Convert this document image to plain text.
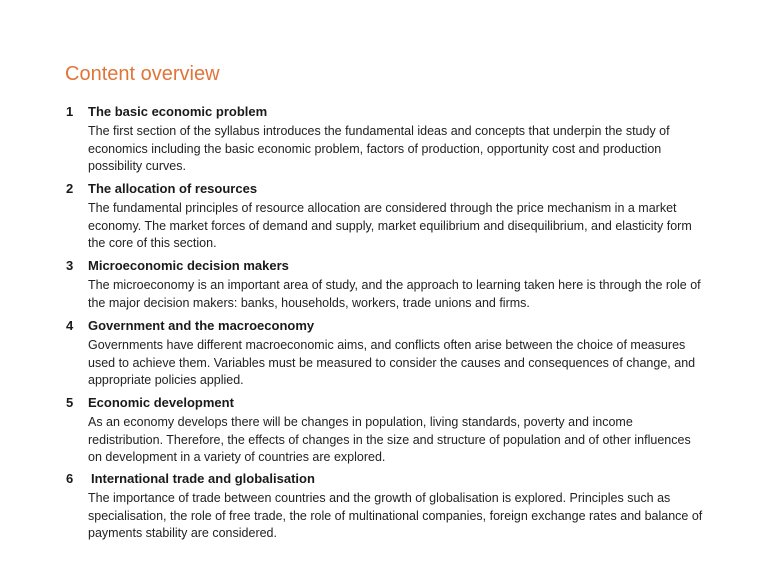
Content overview
1 The basic economic problem
The first section of the syllabus introduces the fundamental ideas and concepts that underpin the study of
economics including the basic economic problem, factors of production, opportunity cost and production
possibility curves.
2 The allocation of resources
The fundamental principles of resource allocation are considered through the price mechanism in a market
economy. The market forces of demand and supply, market equilibrium and disequilibrium, and elasticity form
the core of this section.
3 Microeconomic decision makers
The microeconomy is an important area of study, and the approach to learning taken here is through the role of
the major decision makers: banks, households, workers, trade unions and firms.
4 Government and the macroeconomy
Governments have different macroeconomic aims, and conflicts often arise between the choice of measures
used to achieve them. Variables must be measured to consider the causes and consequences of change, and
appropriate policies applied.
5 Economic development
As an economy develops there will be changes in population, living standards, poverty and income
redistribution. Therefore, the effects of changes in the size and structure of population and of other influences
on development in a variety of countries are explored.
6 International trade and globalisation
The importance of trade between countries and the growth of globalisation is explored. Principles such as
specialisation, the role of free trade, the role of multinational companies, foreign exchange rates and balance of
payments stability are considered.
